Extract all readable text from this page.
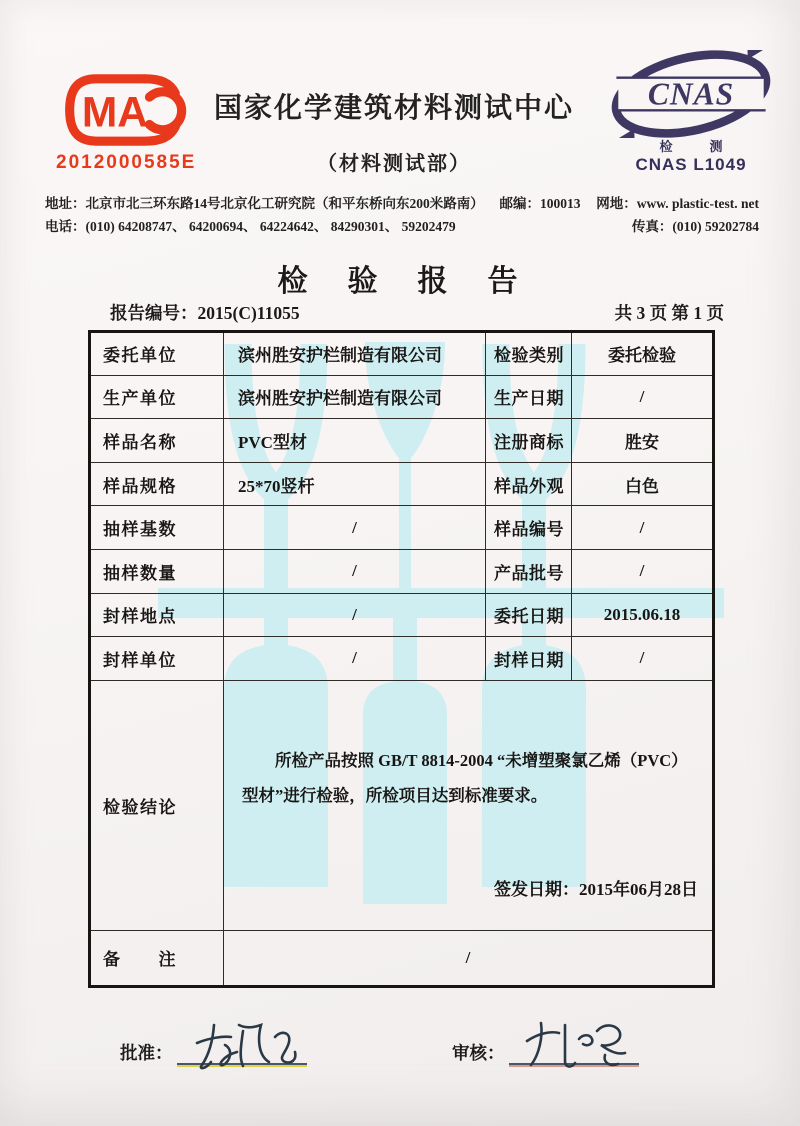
MA
2012000585E
国家化学建筑材料测试中心
（材料测试部）
CNAS
检　测
CNAS L1049
地址：北京市北三环东路14号北京化工研究院（和平东桥向东200米路南） 邮编：100013 网地：www. plastic-test. net
电话：(010) 64208747、 64200694、 64224642、 84290301、 59202479	传真：(010) 59202784
检　验　报　告
报告编号：2015(C)11055	共 3 页 第 1 页
委托单位	滨州胜安护栏制造有限公司	检验类别	委托检验
生产单位	滨州胜安护栏制造有限公司	生产日期	/
样品名称	PVC型材	注册商标	胜安
样品规格	25*70竖杆	样品外观	白色
抽样基数	/	样品编号	/
抽样数量	/	产品批号	/
封样地点	/	委托日期	2015.06.18
封样单位	/	封样日期	/
检验结论	所检产品按照 GB/T 8814-2004 “未增塑聚氯乙烯（PVC）
型材”进行检验，所检项目达到标准要求。
签发日期：2015年06月28日		

备　　注	/		
批准：	审核：
